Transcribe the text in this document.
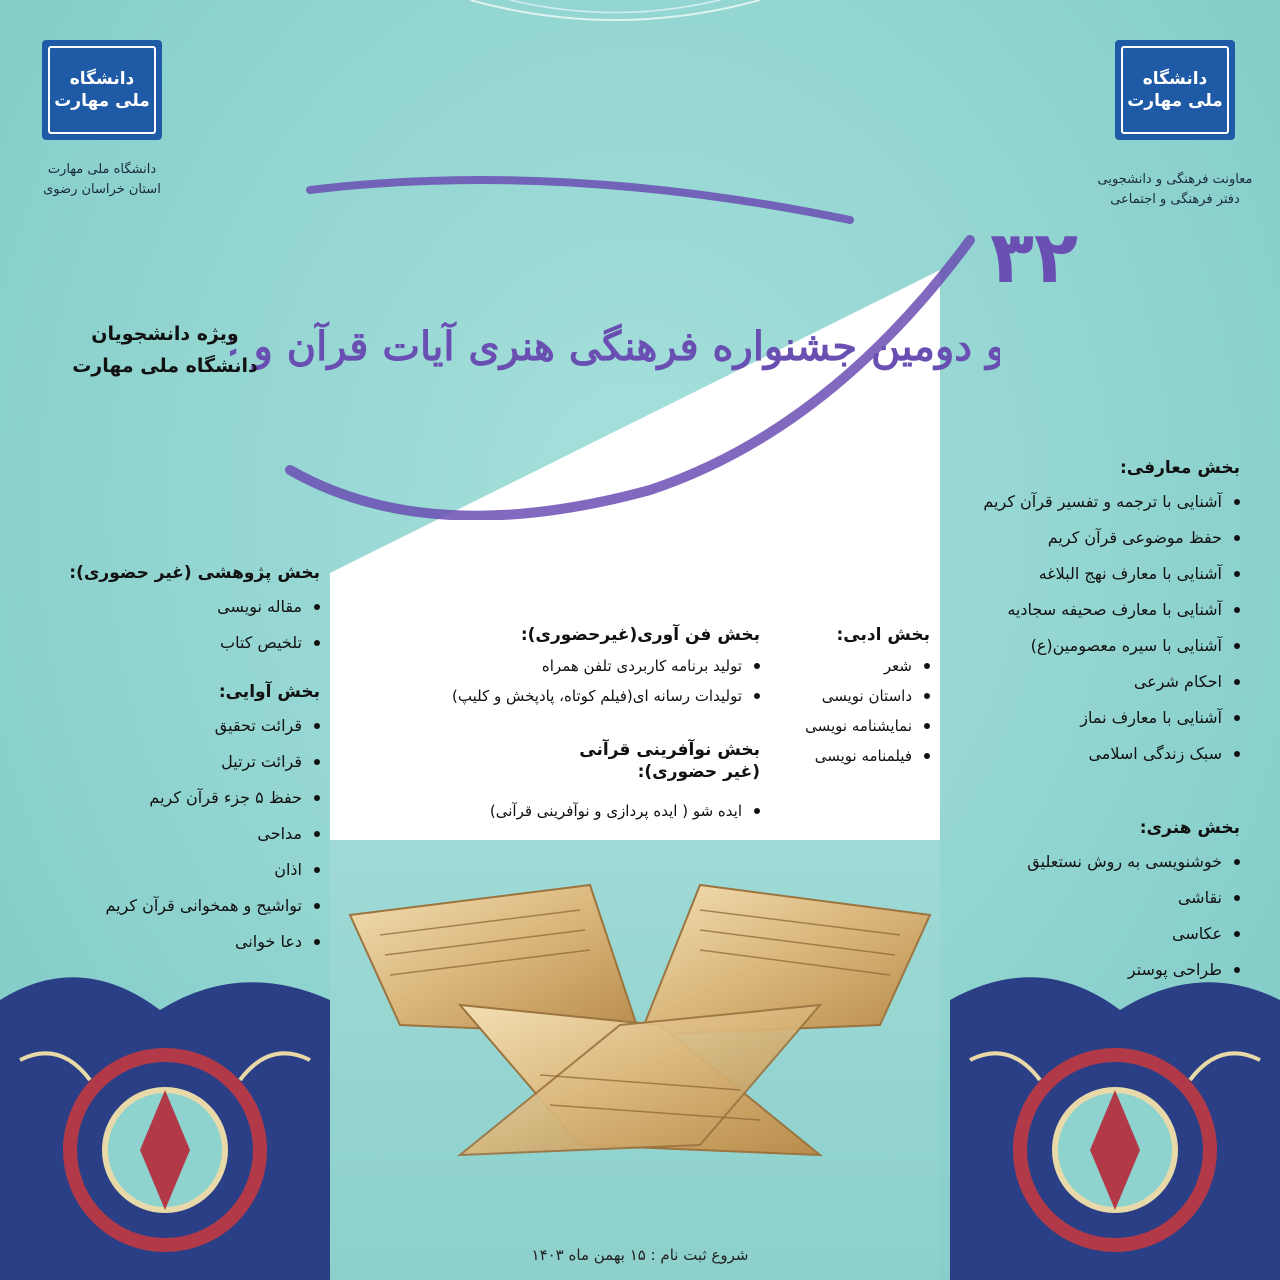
دانشگاه ملی مهارت
دانشگاه ملی مهارت
استان خراسان رضوی
دانشگاه ملی مهارت
معاونت فرهنگی و دانشجویی
دفتر فرهنگی و اجتماعی
۳۲
و دومین جشنواره فرهنگی هنری آیات قرآن و
ویژه دانشجویان
دانشگاه ملی مهارت
بخش معارفی:
آشنایی با ترجمه و تفسیر قرآن کریم
حفظ موضوعی قرآن کریم
آشنایی با معارف نهج البلاغه
آشنایی با معارف صحیفه سجادیه
آشنایی با سیره معصومین(ع)
احکام شرعی
آشنایی با معارف نماز
سبک زندگی اسلامی
بخش هنری:
خوشنویسی به روش نستعلیق
نقاشی
عکاسی
طراحی پوستر
بخش ادبی:
شعر
داستان نویسی
نمایشنامه نویسی
فیلمنامه نویسی
بخش فن آوری(غیرحضوری):
تولید برنامه کاربردی تلفن همراه
تولیدات رسانه ای(فیلم کوتاه، پادپخش و کلیپ)
بخش نوآفرینی قرآنی
(غیر حضوری):
ایده شو ( ایده پردازی و نوآفرینی قرآنی)
بخش پژوهشی (غیر حضوری):
مقاله نویسی
تلخیص کتاب
بخش آوایی:
قرائت تحقیق
قرائت ترتیل
حفظ ۵ جزء قرآن کریم
مداحی
اذان
تواشیح و همخوانی قرآن کریم
دعا خوانی
شروع ثبت نام : ۱۵ بهمن ماه ۱۴۰۳
